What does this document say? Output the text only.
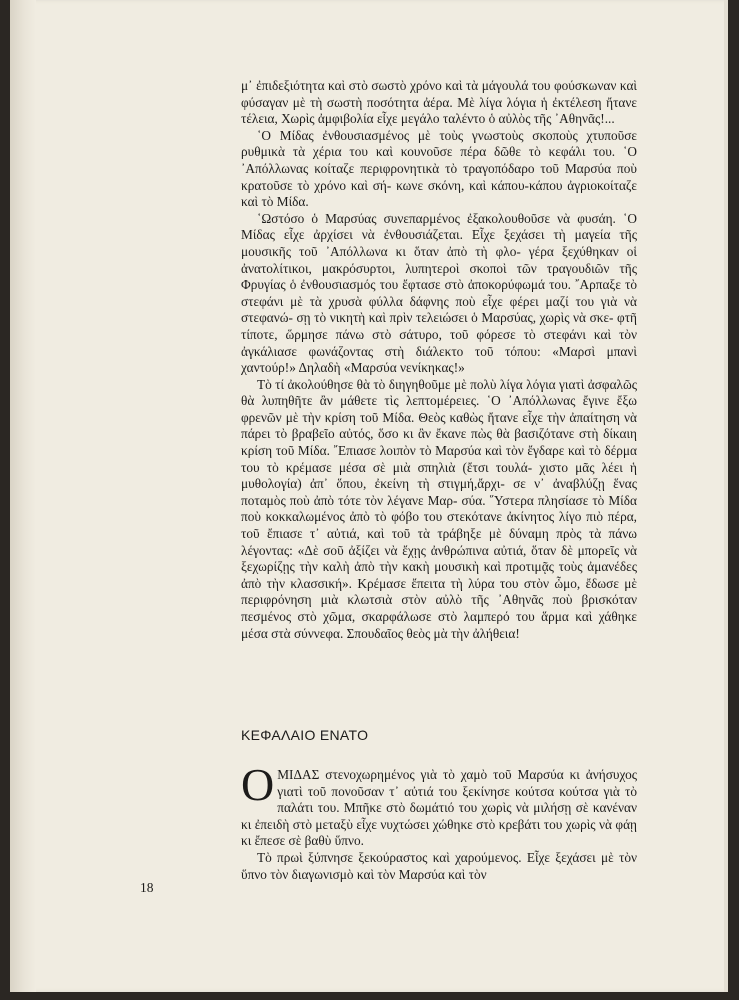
μ᾽ ἐπιδεξιότητα καὶ στὸ σωστὸ χρόνο καὶ τὰ μάγουλά του φούσκωναν καὶ φύσαγαν μὲ τὴ σωστὴ ποσότητα ἀέρα. Μὲ λίγα λόγια ἡ ἐκτέλεση ἤτανε τέλεια, Χωρὶς ἀμφιβολία εἶχε μεγάλο ταλέντο ὁ αὐλὸς τῆς ᾿Αθηνᾶς!...

῾Ο Μίδας ἐνθουσιασμένος μὲ τοὺς γνωστοὺς σκοποὺς χτυποῦσε ρυθμικὰ τὰ χέρια του καὶ κουνοῦσε πέρα δῶθε τὸ κεφάλι του. ῾Ο ᾿Απόλλωνας κοίταζε περιφρονητικὰ τὸ τραγοπόδαρο τοῦ Μαρσύα ποὺ κρατοῦσε τὸ χρόνο καὶ σή- κωνε σκόνη, καὶ κάπου-κάπου ἀγριοκοίταζε καὶ τὸ Μίδα.

῾Ωστόσο ὁ Μαρσύας συνεπαρμένος ἐξακολουθοῦσε νὰ φυσάη. ῾Ο Μίδας εἶχε ἀρχίσει νὰ ἐνθουσιάζεται. Εἶχε ξεχάσει τὴ μαγεία τῆς μουσικῆς τοῦ ᾿Απόλλωνα κι ὅταν ἀπὸ τὴ φλο- γέρα ξεχύθηκαν οἱ ἀνατολίτικοι, μακρόσυρτοι, λυπητεροὶ σκοποὶ τῶν τραγουδιῶν τῆς Φρυγίας ὁ ἐνθουσιασμός του ἔφτασε στὸ ἀποκορύφωμά του. ῎Αρπαξε τὸ στεφάνι μὲ τὰ χρυσὰ φύλλα δάφνης ποὺ εἶχε φέρει μαζί του γιὰ νὰ στεφανώ- σῃ τὸ νικητὴ καὶ πρὶν τελειώσει ὁ Μαρσύας, χωρὶς νὰ σκε- φτῆ τίποτε, ὥρμησε πάνω στὸ σάτυρο, τοῦ φόρεσε τὸ στεφάνι καὶ τὸν ἀγκάλιασε φωνάζοντας στὴ διάλεκτο τοῦ τόπου: «Μαρσὶ μπανὶ χαντούρ!» Δηλαδὴ «Μαρσύα νενίκηκας!»

Τὸ τί ἀκολούθησε θὰ τὸ διηγηθοῦμε μὲ πολὺ λίγα λόγια γιατὶ ἀσφαλῶς θὰ λυπηθῆτε ἂν μάθετε τὶς λεπτομέρειες. ῾Ο ᾿Απόλλωνας ἔγινε ἔξω φρενῶν μὲ τὴν κρίση τοῦ Μίδα. Θεὸς καθὼς ἤτανε εἶχε τὴν ἀπαίτηση νὰ πάρει τὸ βραβεῖο αὐτός, ὅσο κι ἂν ἔκανε πὼς θὰ βασιζότανε στὴ δίκαιη κρίση τοῦ Μίδα. ῎Επιασε λοιπὸν τὸ Μαρσύα καὶ τὸν ἔγδαρε καὶ τὸ δέρμα του τὸ κρέμασε μέσα σὲ μιὰ σπηλιὰ (ἔτσι τουλά- χιστο μᾶς λέει ἡ μυθολογία) ἀπ᾽ ὅπου, ἐκείνη τὴ στιγμή,ἄρχι- σε ν᾽ ἀναβλύζῃ ἕνας ποταμὸς ποὺ ἀπὸ τότε τὸν λέγανε Μαρ- σύα. ῞Υστερα πλησίασε τὸ Μίδα ποὺ κοκκαλωμένος ἀπὸ τὸ φόβο του στεκότανε ἀκίνητος λίγο πιὸ πέρα, τοῦ ἔπιασε τ᾽ αὐτιά, καὶ τοῦ τὰ τράβηξε μὲ δύναμη πρὸς τὰ πάνω λέγοντας: «Δὲ σοῦ ἀξίζει νὰ ἔχῃς ἀνθρώπινα αὐτιά, ὅταν δὲ μπορεῖς νὰ ξεχωρίζῃς τὴν καλὴ ἀπὸ τὴν κακὴ μουσικὴ καὶ προτιμᾷς τοὺς ἀμανέδες ἀπὸ τὴν κλασσική». Κρέμασε ἔπειτα τὴ λύρα του στὸν ὦμο, ἔδωσε μὲ περιφρόνηση μιὰ κλωτσιὰ στὸν αὐλὸ τῆς ᾿Αθηνᾶς ποὺ βρισκόταν πεσμένος στὸ χῶμα, σκαρφάλωσε στὸ λαμπερό του ἅρμα καὶ χάθηκε μέσα στὰ σύννεφα. Σπουδαῖος θεὸς μὰ τὴν ἀλήθεια!

ΚΕΦΑΛΑΙΟ ΕΝΑΤΟ

Ο ΜΙΔΑΣ στενοχωρημένος γιὰ τὸ χαμὸ τοῦ Μαρσύα κι ἀνήσυχος γιατὶ τοῦ πονοῦσαν τ᾽ αὐτιά του ξεκίνησε κούτσα κούτσα γιὰ τὸ παλάτι του. Μπῆκε στὸ δωμάτιό του χωρὶς νὰ μιλήσῃ σὲ κανέναν κι ἐπειδὴ στὸ μεταξὺ εἶχε νυχτώσει χώθηκε στὸ κρεβάτι του χωρὶς νὰ φάῃ κι ἔπεσε σὲ βαθὺ ὕπνο.

Τὸ πρωὶ ξύπνησε ξεκούραστος καὶ χαρούμενος. Εἶχε ξεχάσει μὲ τὸν ὕπνο τὸν διαγωνισμὸ καὶ τὸν Μαρσύα καὶ τὸν

18
